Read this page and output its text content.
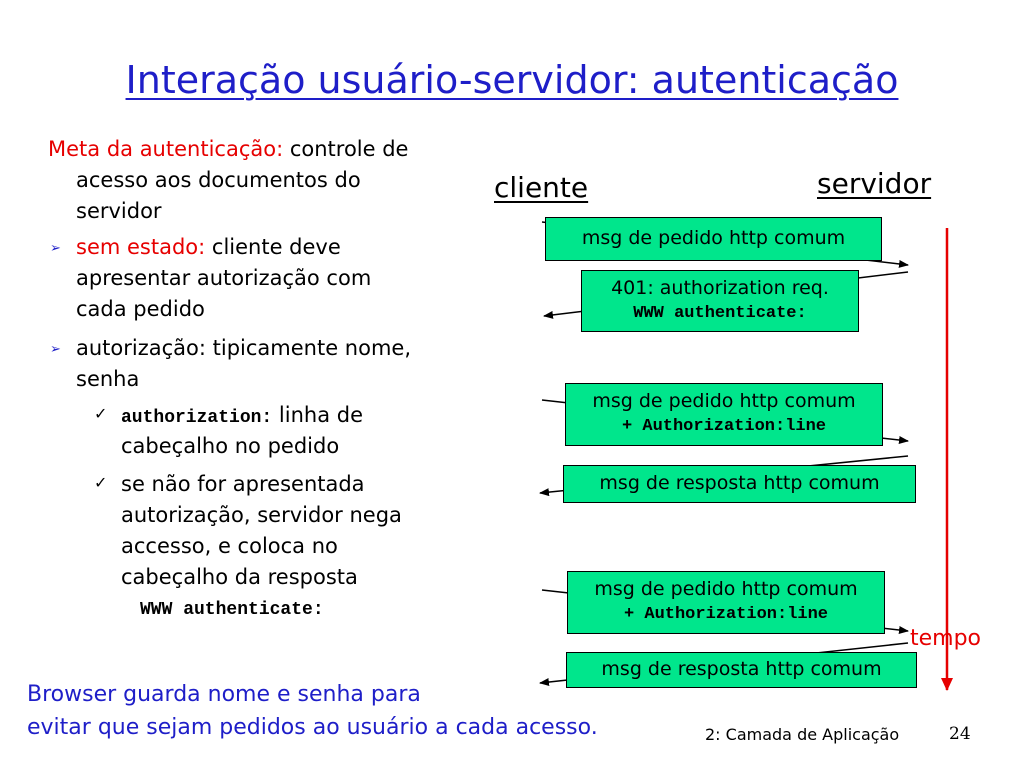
Interação usuário-servidor: autenticação
Meta da autenticação: controle de
acesso aos documentos do
servidor
➢ sem estado: cliente deve
apresentar autorização com
cada pedido
➢ autorização: tipicamente nome,
senha
✓ authorization: linha de
cabeçalho no pedido
✓ se não for apresentada
autorização, servidor nega
accesso, e coloca no
cabeçalho da resposta
WWW authenticate:
cliente	servidor
tempo
msg de pedido http comum
401: authorization req.
WWW authenticate:
msg de pedido http comum
+ Authorization:line
msg de resposta http comum
msg de pedido http comum
+ Authorization:line
msg de resposta http comum
Browser guarda nome e senha para
evitar que sejam pedidos ao usuário a cada acesso.	2: Camada de Aplicação	24
